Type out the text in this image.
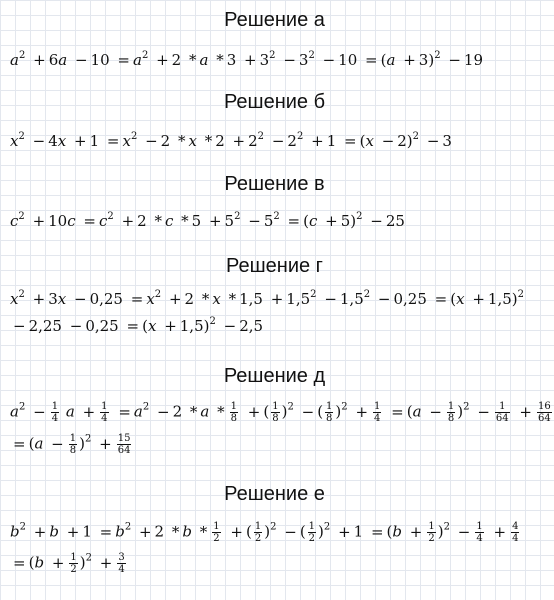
Решение а
Решение б
Решение в
Решение г
Решение д
Решение е
$a^2 + 6a - 10 = a^2 + 2 * a * 3 + 3^2 - 3^2 - 10 = (a + 3)^2 - 19$
$x^2 - 4x + 1 = x^2 - 2 * x * 2 + 2^2 - 2^2 + 1 = (x - 2)^2 - 3$
$c^2 + 10c = c^2 + 2 * c * 5 + 5^2 - 5^2 = (c + 5)^2 - 25$
$x^2 + 3x - 0,25 = x^2 + 2 * x * 1,5 + 1,5^2 - 1,5^2 - 0,25 = (x + 1,5)^2$
− $2,25 - 0,25 = (x + 1,5)^2 - 2,5$
$a^2 - \frac{1}{4}$ $a + \frac{1}{4} = a^2 - 2 * a * \frac{1}{8}$ + ( $\frac{1}{8} )^2$ − ( $\frac{1}{8} )^2 + \frac{1}{4} = (a - \frac{1}{8} )^2 - \frac{1}{64} + \frac{16}{64}$
= $(a - \frac{1}{8} )^2 + \frac{15}{64}$
$b^2 + b + 1 = b^2 + 2 * b * \frac{1}{2}$ + ( $\frac{1}{2} )^2$ − ( $\frac{1}{2} )^2 + 1 = (b + \frac{1}{2} )^2 - \frac{1}{4} + \frac{4}{4}$
= $(b + \frac{1}{2} )^2 + \frac{3}{4}$
